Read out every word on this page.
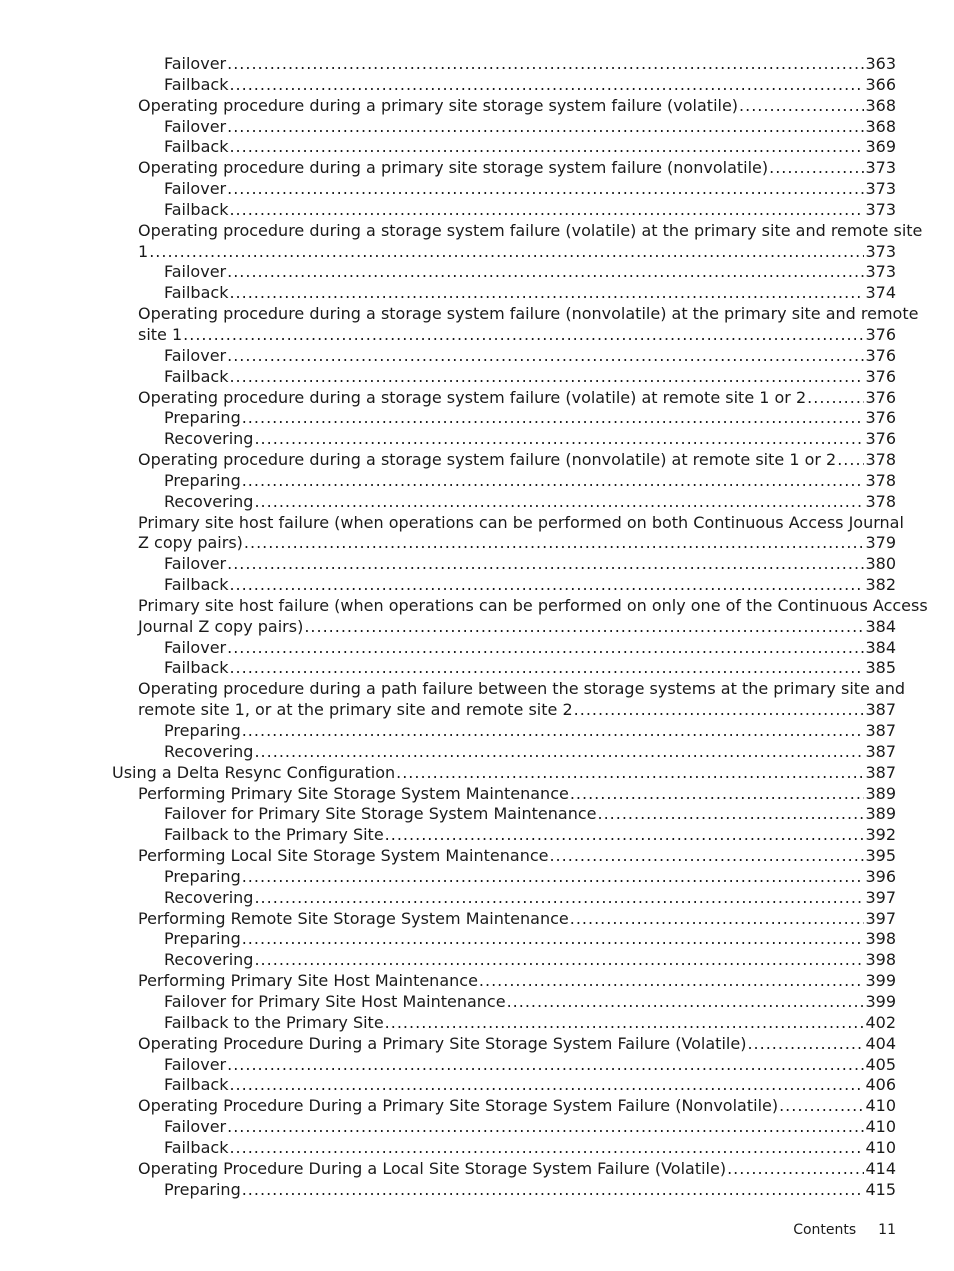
Failover .....	363
Failback .....	366
Operating procedure during a primary site storage system failure (volatile) .....	368
Failover .....	368
Failback .....	369
Operating procedure during a primary site storage system failure (nonvolatile) .....	373
Failover .....	373
Failback .....	373
Operating procedure during a storage system failure (volatile) at the primary site and remote site
1 .....	373
Failover .....	373
Failback .....	374
Operating procedure during a storage system failure (nonvolatile) at the primary site and remote
site 1 .....	376
Failover .....	376
Failback .....	376
Operating procedure during a storage system failure (volatile) at remote site 1 or 2 .....	376
Preparing .....	376
Recovering .....	376
Operating procedure during a storage system failure (nonvolatile) at remote site 1 or 2 ..... 378
Preparing .....	378
Recovering .....	378
Primary site host failure (when operations can be performed on both Continuous Access Journal
Z copy pairs) .....	379
Failover .....	380
Failback .....	382
Primary site host failure (when operations can be performed on only one of the Continuous Access
Journal Z copy pairs) .....	384
Failover .....	384
Failback .....	385
Operating procedure during a path failure between the storage systems at the primary site and
remote site 1, or at the primary site and remote site 2 .....	387
Preparing .....	387
Recovering .....	387
Using a Delta Resync Configuration .....	387
Performing Primary Site Storage System Maintenance .....	389
Failover for Primary Site Storage System Maintenance .....	389
Failback to the Primary Site .....	392
Performing Local Site Storage System Maintenance .....	395
Preparing .....	396
Recovering .....	397
Performing Remote Site Storage System Maintenance .....	397
Preparing .....	398
Recovering .....	398
Performing Primary Site Host Maintenance .....	399
Failover for Primary Site Host Maintenance .....	399
Failback to the Primary Site .....	402
Operating Procedure During a Primary Site Storage System Failure (Volatile) .....	404
Failover .....	405
Failback .....	406
Operating Procedure During a Primary Site Storage System Failure (Nonvolatile) .....	410
Failover .....	410
Failback .....	410
Operating Procedure During a Local Site Storage System Failure (Volatile) .....	414
Preparing .....	415
Contents 11
